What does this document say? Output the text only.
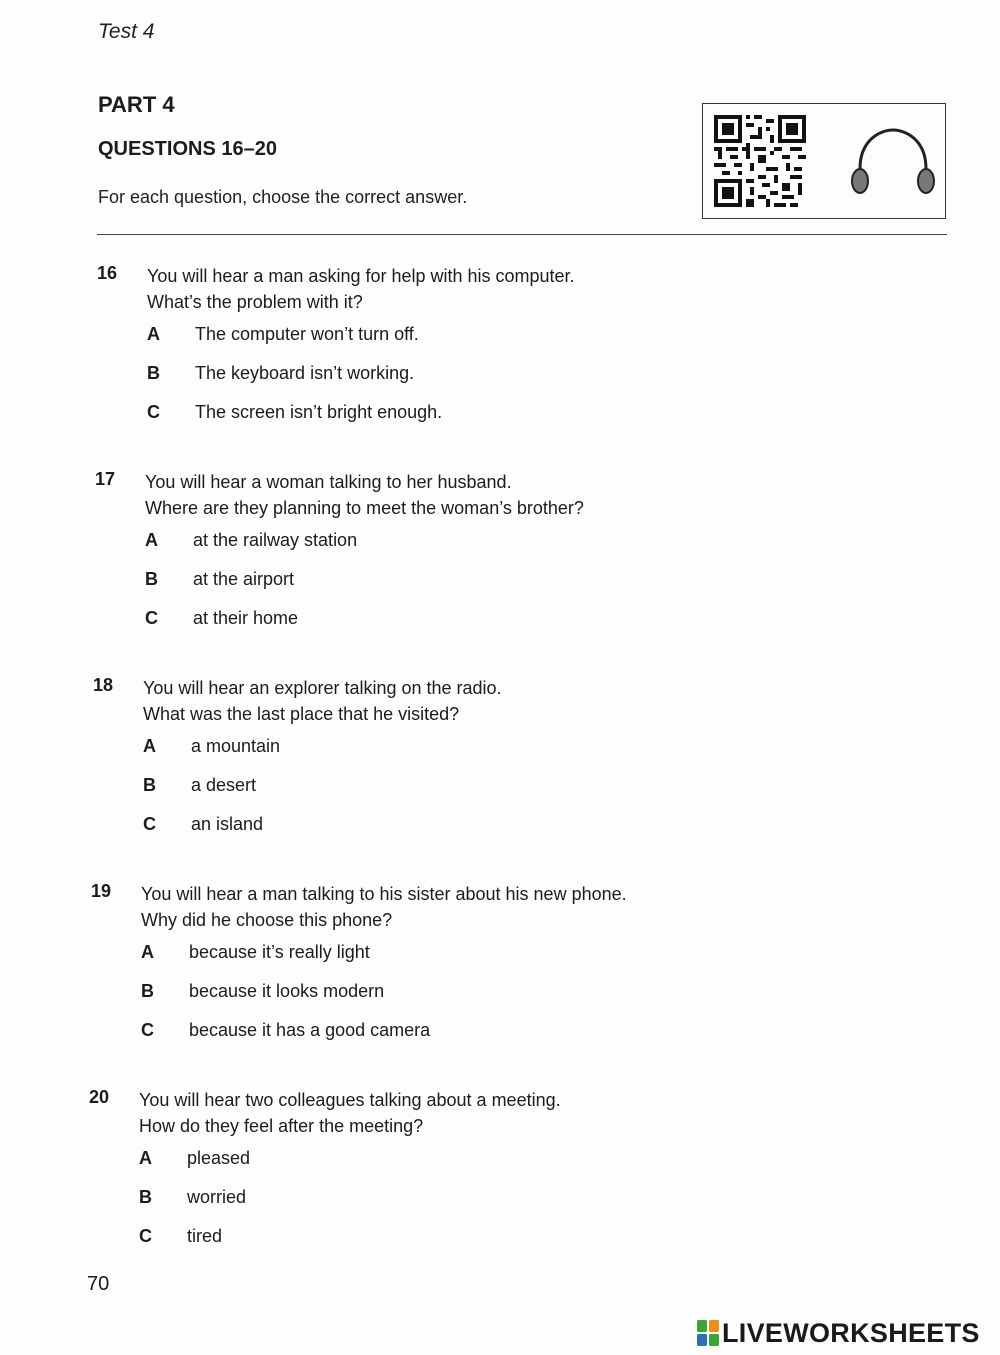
Test 4
PART 4
QUESTIONS 16–20
For each question, choose the correct answer.
16 You will hear a man asking for help with his computer.
What’s the problem with it?
A The computer won’t turn off.
B The keyboard isn’t working.
C The screen isn’t bright enough.
17 You will hear a woman talking to her husband.
Where are they planning to meet the woman’s brother?
A at the railway station
B at the airport
C at their home
18 You will hear an explorer talking on the radio.
What was the last place that he visited?
A a mountain
B a desert
C an island
19 You will hear a man talking to his sister about his new phone.
Why did he choose this phone?
A because it’s really light
B because it looks modern
C because it has a good camera
20 You will hear two colleagues talking about a meeting.
How do they feel after the meeting?
A pleased
B worried
C tired
70
LIVEWORKSHEETS
